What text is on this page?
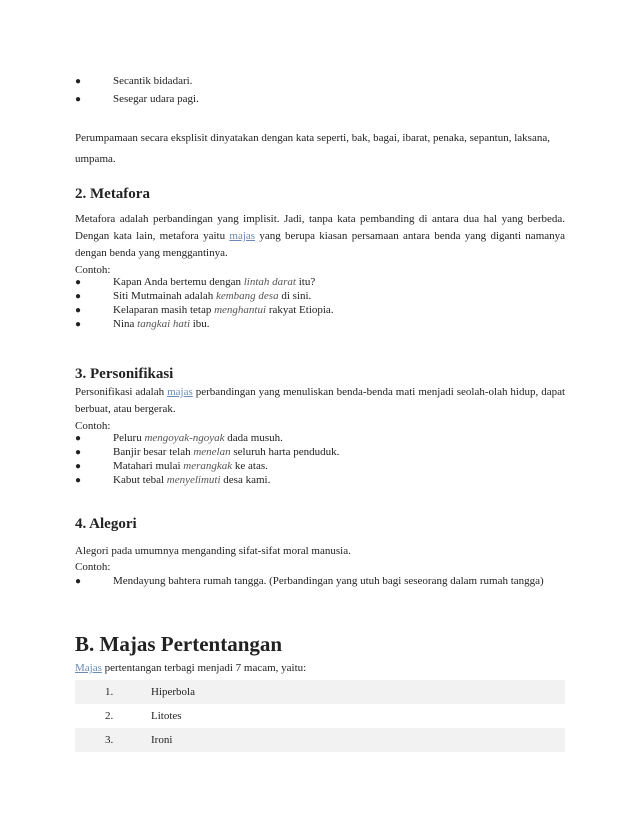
●	Secantik bidadari.
●	Sesegar udara pagi.

Perumpamaan secara eksplisit dinyatakan dengan kata seperti, bak, bagai, ibarat, penaka, sepantun, laksana,

umpama.

2. Metafora

Metafora adalah perbandingan yang implisit. Jadi, tanpa kata pembanding di antara dua hal yang berbeda. Dengan kata lain, metafora yaitu majas yang berupa kiasan persamaan antara benda yang diganti namanya dengan benda yang menggantinya.

Contoh:

●	Kapan Anda bertemu dengan lintah darat itu?
●	Siti Mutmainah adalah kembang desa di sini.
●	Kelaparan masih tetap menghantui rakyat Etiopia.
●	Nina tangkai hati ibu.
3. Personifikasi

Personifikasi adalah majas perbandingan yang menuliskan benda-benda mati menjadi seolah-olah hidup, dapat berbuat, atau bergerak.

Contoh:

●	Peluru mengoyak-ngoyak dada musuh.
●	Banjir besar telah menelan seluruh harta penduduk.
●	Matahari mulai merangkak ke atas.
●	Kabut tebal menyelimuti desa kami.
4. Alegori

Alegori pada umumnya menganding sifat-sifat moral manusia.

Contoh:

●	Mendayung bahtera rumah tangga. (Perbandingan yang utuh bagi seseorang dalam rumah tangga)
B. Majas Pertentangan

Majas pertentangan terbagi menjadi 7 macam, yaitu:

1.	Hiperbola
2.	Litotes
3.	Ironi
